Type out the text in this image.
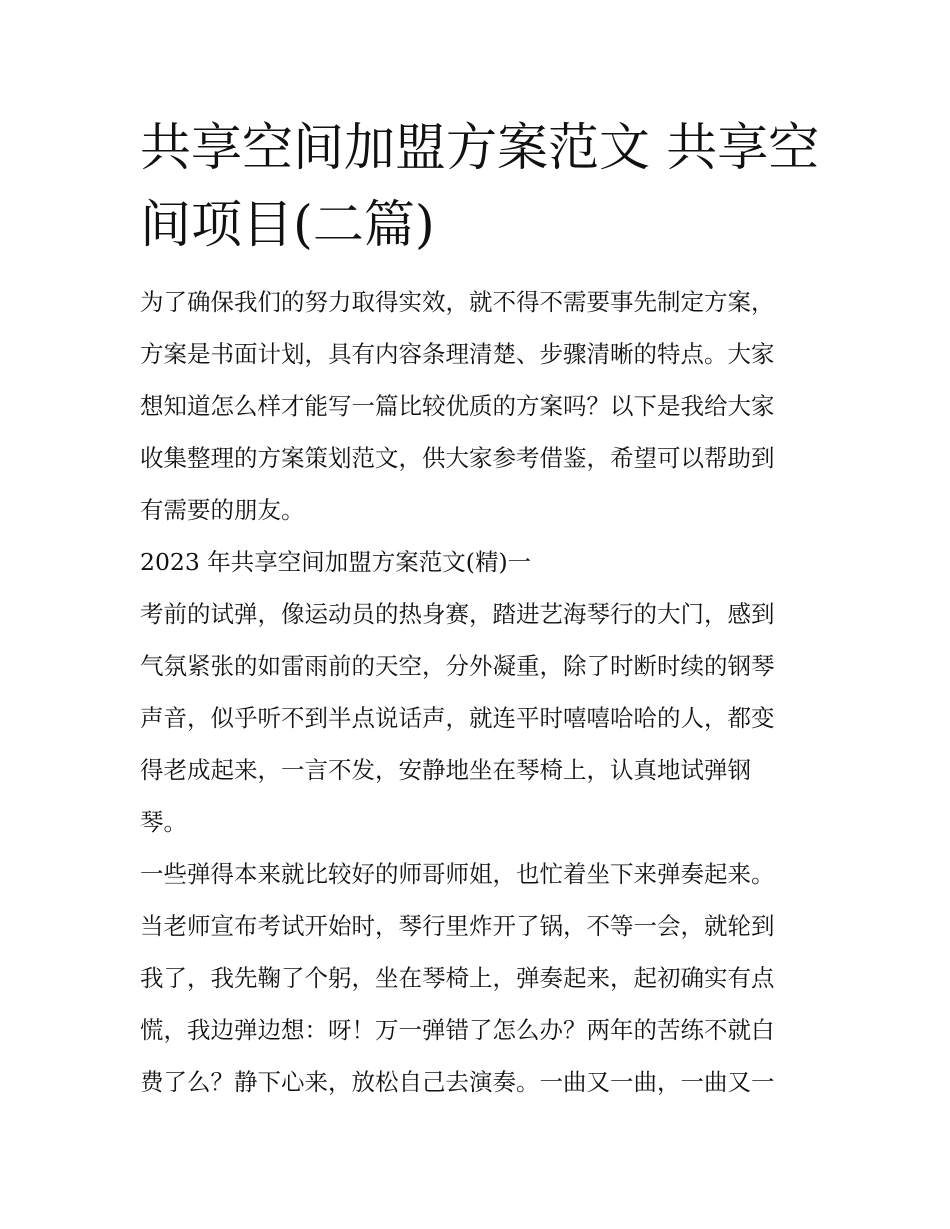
共享空间加盟方案范文 共享空
间项目(二篇)

为了确保我们的努力取得实效，就不得不需要事先制定方案，
方案是书面计划，具有内容条理清楚、步骤清晰的特点。大家
想知道怎么样才能写一篇比较优质的方案吗？以下是我给大家
收集整理的方案策划范文，供大家参考借鉴，希望可以帮助到
有需要的朋友。

2023 年共享空间加盟方案范文(精)一

考前的试弹，像运动员的热身赛，踏进艺海琴行的大门，感到
气氛紧张的如雷雨前的天空，分外凝重，除了时断时续的钢琴
声音，似乎听不到半点说话声，就连平时嘻嘻哈哈的人，都变
得老成起来，一言不发，安静地坐在琴椅上，认真地试弹钢
琴。

一些弹得本来就比较好的师哥师姐，也忙着坐下来弹奏起来。
当老师宣布考试开始时，琴行里炸开了锅，不等一会，就轮到
我了，我先鞠了个躬，坐在琴椅上，弹奏起来，起初确实有点
慌，我边弹边想：呀！万一弹错了怎么办？两年的苦练不就白
费了么？静下心来，放松自己去演奏。一曲又一曲，一曲又一
